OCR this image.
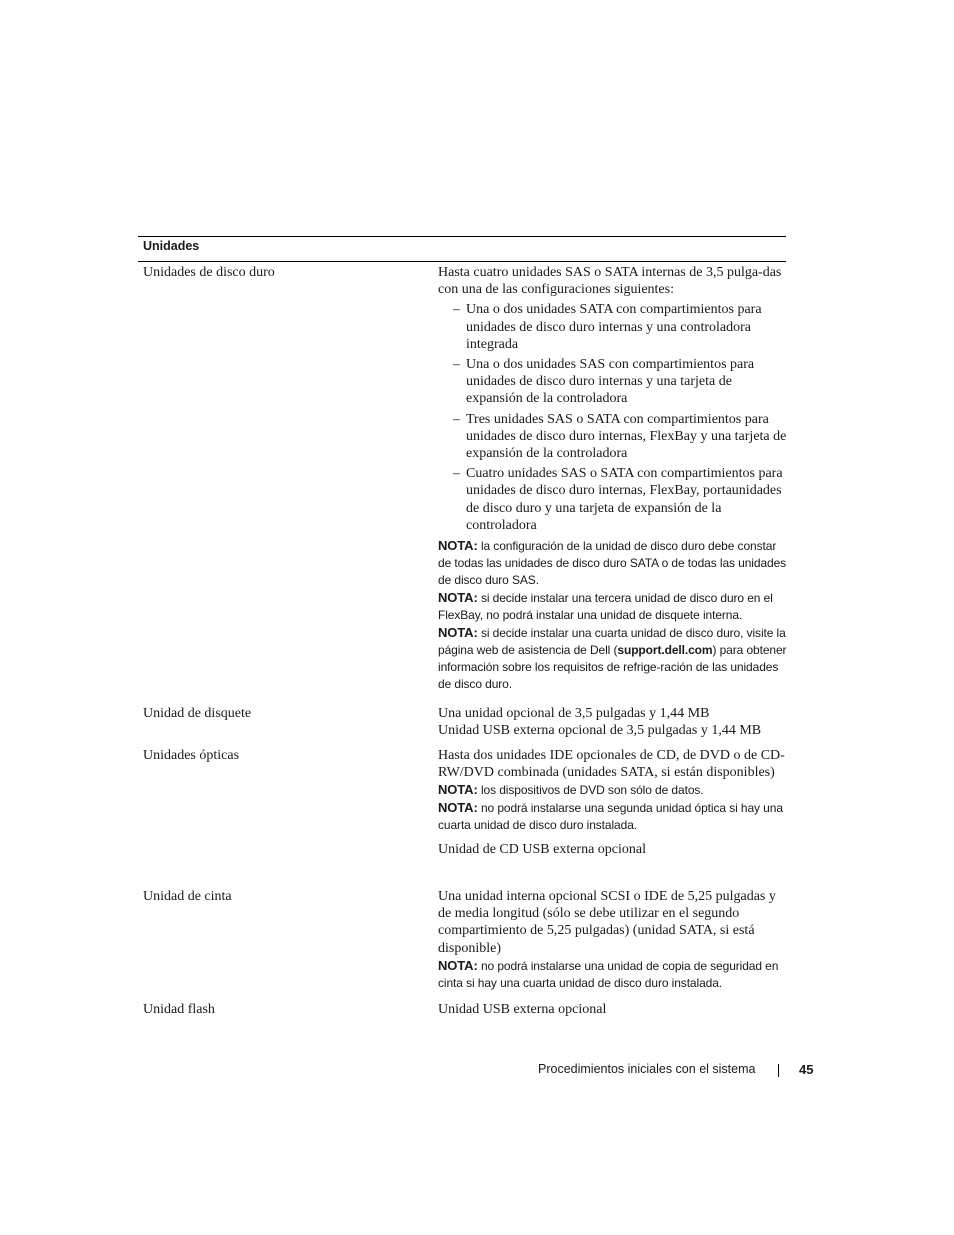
Unidades
Unidades de disco duro	Hasta cuatro unidades SAS o SATA internas de 3,5 pulga-das con una de las configuraciones siguientes:

– Una o dos unidades SATA con compartimientos para unidades de disco duro internas y una controladora integrada
– Una o dos unidades SAS con compartimientos para unidades de disco duro internas y una tarjeta de expansión de la controladora
– Tres unidades SAS o SATA con compartimientos para unidades de disco duro internas, FlexBay y una tarjeta de expansión de la controladora
– Cuatro unidades SAS o SATA con compartimientos para unidades de disco duro internas, FlexBay, portaunidades de disco duro y una tarjeta de expansión de la controladora

NOTA: la configuración de la unidad de disco duro debe constar de todas las unidades de disco duro SATA o de todas las unidades de disco duro SAS.

NOTA: si decide instalar una tercera unidad de disco duro en el FlexBay, no podrá instalar una unidad de disquete interna.

NOTA: si decide instalar una cuarta unidad de disco duro, visite la página web de asistencia de Dell (support.dell.com) para obtener información sobre los requisitos de refrige-ración de las unidades de disco duro.

Unidad de disquete	Una unidad opcional de 3,5 pulgadas y 1,44 MB

Unidad USB externa opcional de 3,5 pulgadas y 1,44 MB

Unidades ópticas	Hasta dos unidades IDE opcionales de CD, de DVD o de CD-RW/DVD combinada (unidades SATA, si están disponibles)

NOTA: los dispositivos de DVD son sólo de datos.

NOTA: no podrá instalarse una segunda unidad óptica si hay una cuarta unidad de disco duro instalada.

Unidad de CD USB externa opcional

Unidad de cinta	Una unidad interna opcional SCSI o IDE de 5,25 pulgadas y de media longitud (sólo se debe utilizar en el segundo compartimiento de 5,25 pulgadas) (unidad SATA, si está disponible)

NOTA: no podrá instalarse una unidad de copia de seguridad en cinta si hay una cuarta unidad de disco duro instalada.

Unidad flash	Unidad USB externa opcional

Procedimientos iniciales con el sistema	45
